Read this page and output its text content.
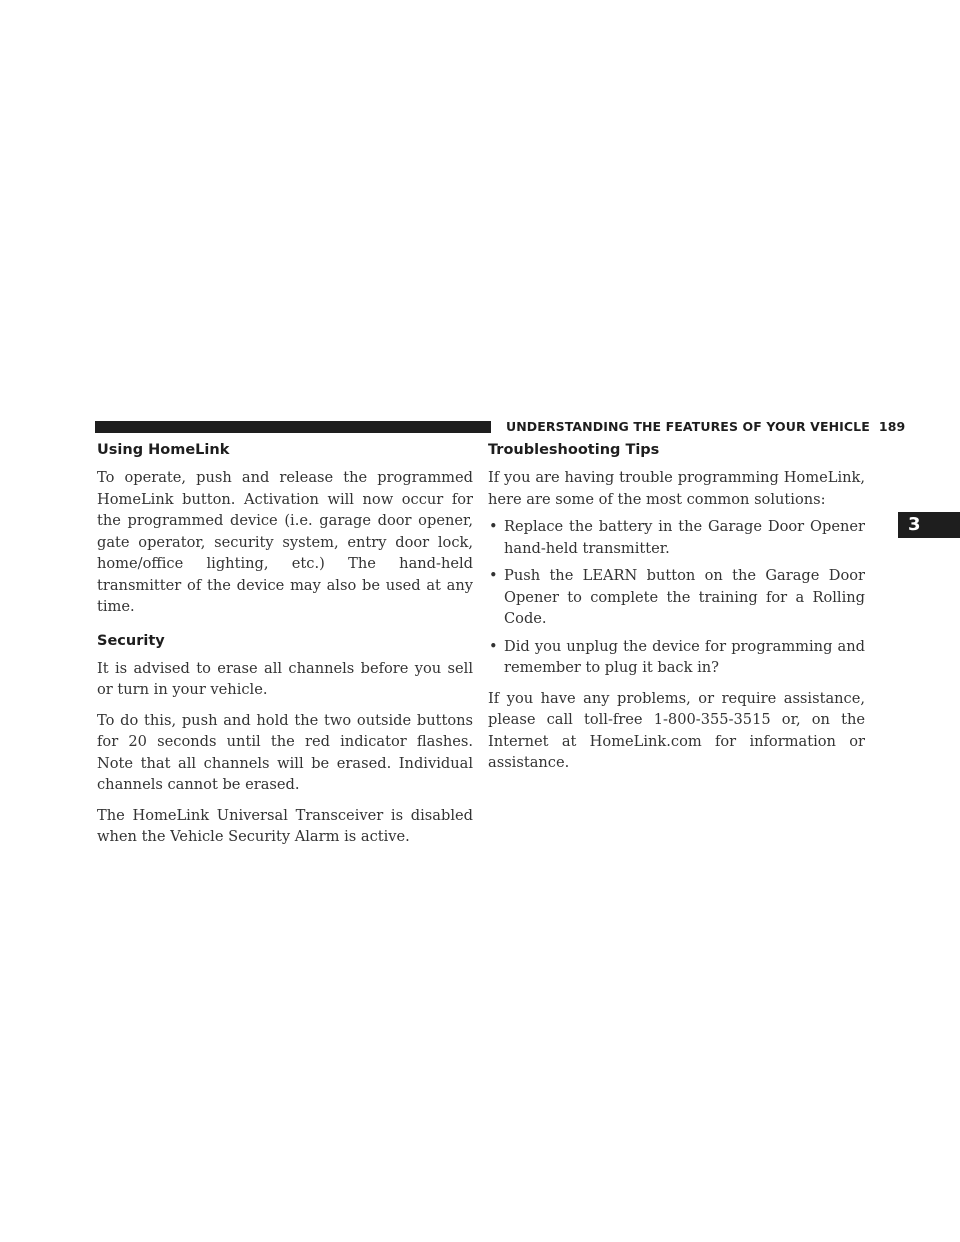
UNDERSTANDING THE FEATURES OF YOUR VEHICLE 189
3
Using HomeLink

To operate, push and release the programmed HomeLink button. Activation will now occur for the programmed device (i.e. garage door opener, gate operator, security system, entry door lock, home/office lighting, etc.) The hand-held transmitter of the device may also be used at any time.

Security

It is advised to erase all channels before you sell or turn in your vehicle.

To do this, push and hold the two outside buttons for 20 seconds until the red indicator flashes. Note that all channels will be erased. Individual channels cannot be erased.

The HomeLink Universal Transceiver is disabled when the Vehicle Security Alarm is active.

Troubleshooting Tips

If you are having trouble programming HomeLink, here are some of the most common solutions:

• Replace the battery in the Garage Door Opener hand-held transmitter.
• Push the LEARN button on the Garage Door Opener to complete the training for a Rolling Code.
• Did you unplug the device for programming and remember to plug it back in?

If you have any problems, or require assistance, please call toll-free 1-800-355-3515 or, on the Internet at HomeLink.com for information or assistance.
